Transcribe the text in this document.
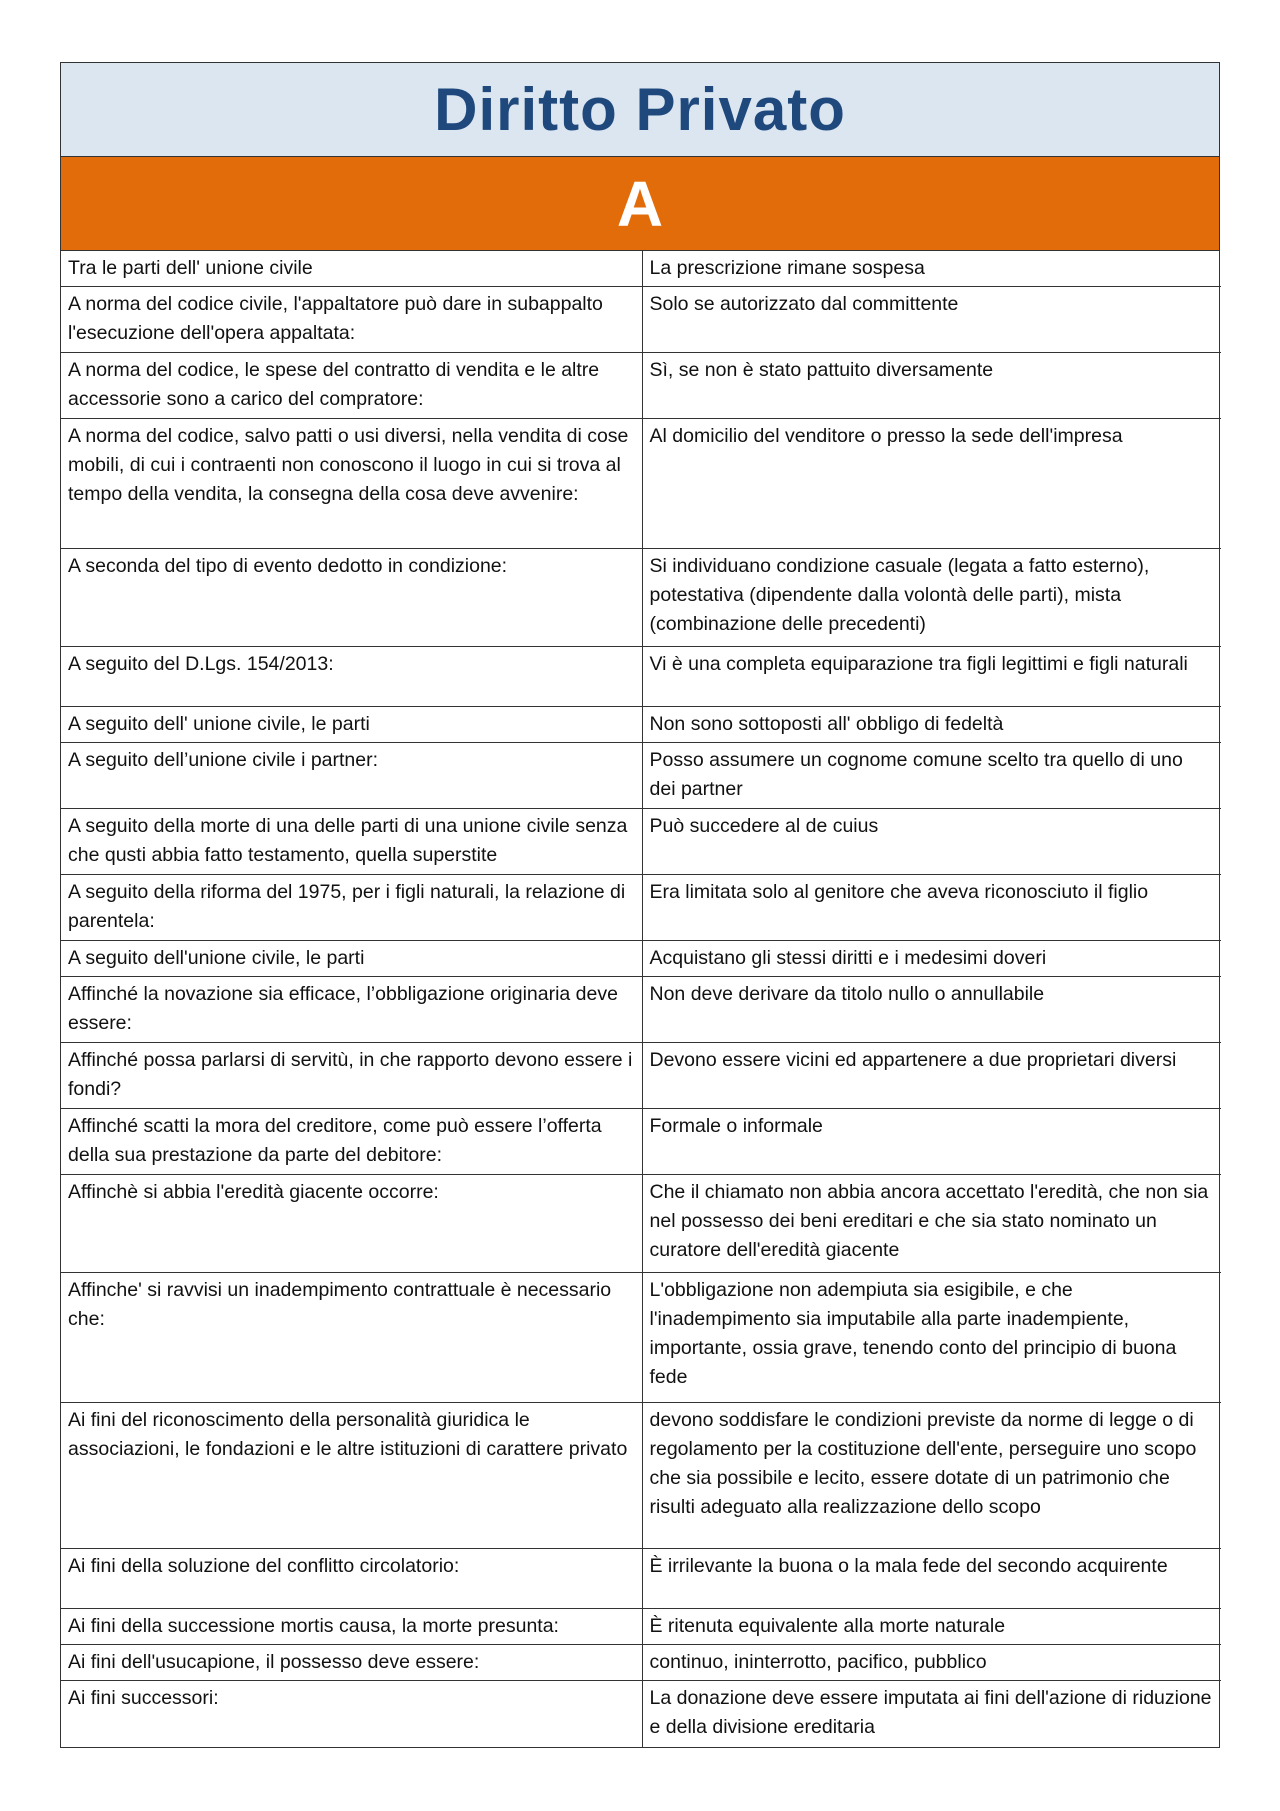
Diritto Privato
A
Tra le parti dell' unione civile	La prescrizione rimane sospesa
A norma del codice civile, l'appaltatore può dare in subappalto l'esecuzione dell'opera appaltata:	Solo se autorizzato dal committente
A norma del codice, le spese del contratto di vendita e le altre accessorie sono a carico del compratore:	Sì, se non è stato pattuito diversamente
A norma del codice, salvo patti o usi diversi, nella vendita di cose mobili, di cui i contraenti non conoscono il luogo in cui si trova al tempo della vendita, la consegna della cosa deve avvenire:	Al domicilio del venditore o presso la sede dell'impresa
A seconda del tipo di evento dedotto in condizione:	Si individuano condizione casuale (legata a fatto esterno), potestativa (dipendente dalla volontà delle parti), mista (combinazione delle precedenti)
A seguito del D.Lgs. 154/2013:	Vi è una completa equiparazione tra figli legittimi e figli naturali
A seguito dell' unione civile, le parti	Non sono sottoposti all' obbligo di fedeltà
A seguito dell’unione civile i partner:	Posso assumere un cognome comune scelto tra quello di uno dei partner
A seguito della morte di una delle parti di una unione civile senza che qusti abbia fatto testamento, quella superstite	Può succedere al de cuius
A seguito della riforma del 1975, per i figli naturali, la relazione di parentela:	Era limitata solo al genitore che aveva riconosciuto il figlio
A seguito dell'unione civile, le parti	Acquistano gli stessi diritti e i medesimi doveri
Affinché la novazione sia efficace, l’obbligazione originaria deve essere:	Non deve derivare da titolo nullo o annullabile
Affinché possa parlarsi di servitù, in che rapporto devono essere i fondi?	Devono essere vicini ed appartenere a due proprietari diversi
Affinché scatti la mora del creditore, come può essere l’offerta della sua prestazione da parte del debitore:	Formale o informale
Affinchè si abbia l'eredità giacente occorre:	Che il chiamato non abbia ancora accettato l'eredità, che non sia nel possesso dei beni ereditari e che sia stato nominato un curatore dell'eredità giacente
Affinche' si ravvisi un inadempimento contrattuale è necessario che:	L'obbligazione non adempiuta sia esigibile, e che l'inadempimento sia imputabile alla parte inadempiente, importante, ossia grave, tenendo conto del principio di buona fede
Ai fini del riconoscimento della personalità giuridica le associazioni, le fondazioni e le altre istituzioni di carattere privato	devono soddisfare le condizioni previste da norme di legge o di regolamento per la costituzione dell'ente, perseguire uno scopo che sia possibile e lecito, essere dotate di un patrimonio che risulti adeguato alla realizzazione dello scopo
Ai fini della soluzione del conflitto circolatorio:	È irrilevante la buona o la mala fede del secondo acquirente
Ai fini della successione mortis causa, la morte presunta:	È ritenuta equivalente alla morte naturale
Ai fini dell'usucapione, il possesso deve essere:	continuo, ininterrotto, pacifico, pubblico
Ai fini successori:	La donazione deve essere imputata ai fini dell'azione di riduzione e della divisione ereditaria
